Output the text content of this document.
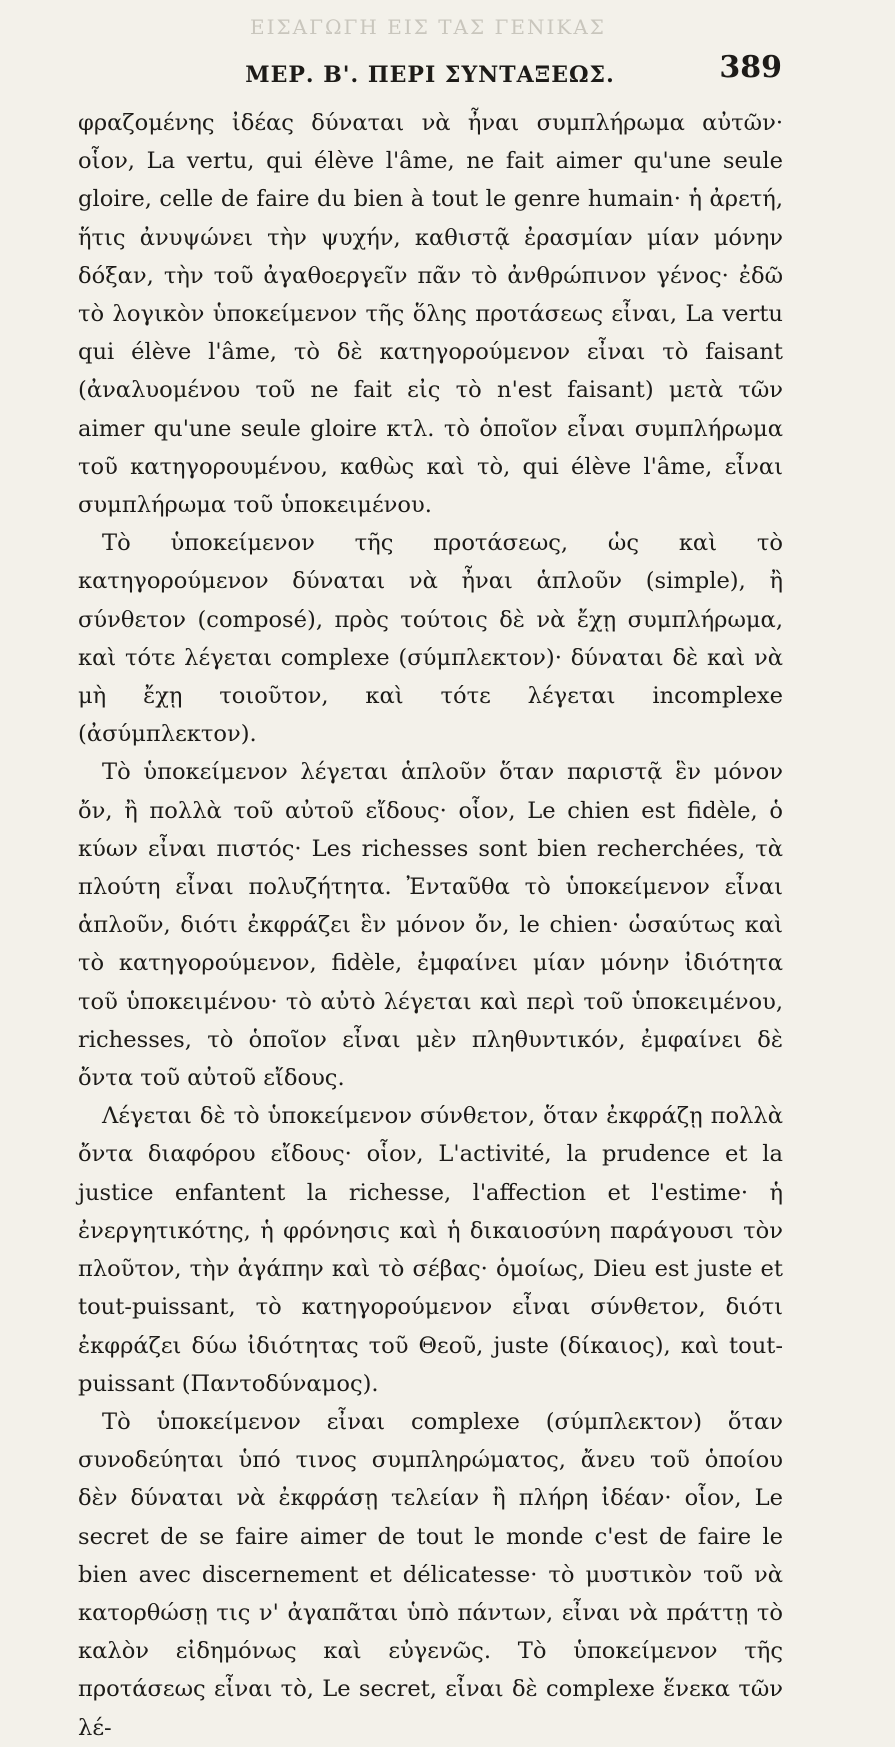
ΕΙΣΑΓΩΓΗ ΕΙΣ ΤΑΣ ΓΕΝΙΚΑΣ
ΜΕΡ. Β'. ΠΕΡΙ ΣΥΝΤΑΞΕΩΣ.	389

φραζομένης ἰδέας δύναται νὰ ἦναι συμπλήρωμα αὐτῶν· οἷον, La vertu, qui élève l'âme, ne fait aimer qu'une seule gloire, celle de faire du bien à tout le genre humain· ἡ ἀρετή, ἥτις ἀνυψώνει τὴν ψυχήν, καθιστᾷ ἐρασμίαν μίαν μόνην δόξαν, τὴν τοῦ ἀγαθοεργεῖν πᾶν τὸ ἀνθρώπινον γένος· ἐδῶ τὸ λογικὸν ὑποκείμενον τῆς ὅλης προτάσεως εἶναι, La vertu qui élève l'âme, τὸ δὲ κατηγορούμενον εἶναι τὸ faisant (ἀναλυομένου τοῦ ne fait εἰς τὸ n'est faisant) μετὰ τῶν aimer qu'une seule gloire κτλ. τὸ ὁποῖον εἶναι συμπλήρωμα τοῦ κατηγορουμένου, καθὼς καὶ τὸ, qui élève l'âme, εἶναι συμπλήρωμα τοῦ ὑποκειμένου.

Τὸ ὑποκείμενον τῆς προτάσεως, ὡς καὶ τὸ κατηγορούμενον δύναται νὰ ἦναι ἁπλοῦν (simple), ἢ σύνθετον (composé), πρὸς τούτοις δὲ νὰ ἔχῃ συμπλήρωμα, καὶ τότε λέγεται complexe (σύμπλεκτον)· δύναται δὲ καὶ νὰ μὴ ἔχῃ τοιοῦτον, καὶ τότε λέγεται incomplexe (ἀσύμπλεκτον).

Τὸ ὑποκείμενον λέγεται ἁπλοῦν ὅταν παριστᾷ ἓν μόνον ὄν, ἢ πολλὰ τοῦ αὐτοῦ εἴδους· οἷον, Le chien est fidèle, ὁ κύων εἶναι πιστός· Les richesses sont bien recherchées, τὰ πλούτη εἶναι πολυζήτητα. Ἐνταῦθα τὸ ὑποκείμενον εἶναι ἁπλοῦν, διότι ἐκφράζει ἓν μόνον ὄν, le chien· ὡσαύτως καὶ τὸ κατηγορούμενον, fidèle, ἐμφαίνει μίαν μόνην ἰδιότητα τοῦ ὑποκειμένου· τὸ αὐτὸ λέγεται καὶ περὶ τοῦ ὑποκειμένου, richesses, τὸ ὁποῖον εἶναι μὲν πληθυντικόν, ἐμφαίνει δὲ ὄντα τοῦ αὐτοῦ εἴδους.

Λέγεται δὲ τὸ ὑποκείμενον σύνθετον, ὅταν ἐκφράζῃ πολλὰ ὄντα διαφόρου εἴδους· οἷον, L'activité, la prudence et la justice enfantent la richesse, l'affection et l'estime· ἡ ἐνεργητικότης, ἡ φρόνησις καὶ ἡ δικαιοσύνη παράγουσι τὸν πλοῦτον, τὴν ἀγάπην καὶ τὸ σέβας· ὁμοίως, Dieu est juste et tout-puissant, τὸ κατηγορούμενον εἶναι σύνθετον, διότι ἐκφράζει δύω ἰδιότητας τοῦ Θεοῦ, juste (δίκαιος), καὶ tout-puissant (Παντοδύναμος).

Τὸ ὑποκείμενον εἶναι complexe (σύμπλεκτον) ὅταν συνοδεύηται ὑπό τινος συμπληρώματος, ἄνευ τοῦ ὁποίου δὲν δύναται νὰ ἐκφράσῃ τελείαν ἢ πλήρη ἰδέαν· οἷον, Le secret de se faire aimer de tout le monde c'est de faire le bien avec discernement et délicatesse· τὸ μυστικὸν τοῦ νὰ κατορθώσῃ τις ν' ἀγαπᾶται ὑπὸ πάντων, εἶναι νὰ πράττῃ τὸ καλὸν εἰδημόνως καὶ εὐγενῶς. Τὸ ὑποκείμενον τῆς προτάσεως εἶναι τὸ, Le secret, εἶναι δὲ complexe ἕνεκα τῶν λέ-
